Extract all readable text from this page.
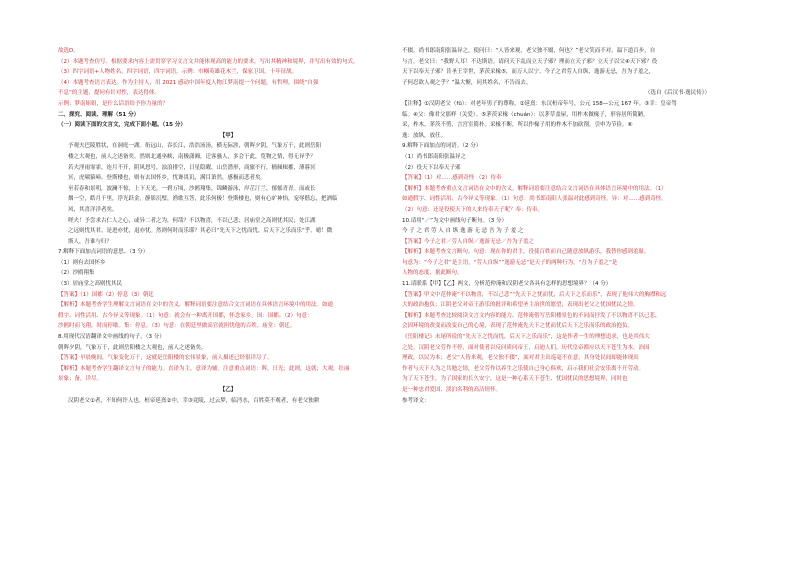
故选D。
（2）本题考查仿写。根据要求内容上需贯穿学习文言文并能体现高的能力的要求，写出其精神和境界，并写出有效的句式。
（3）四字词语+人物姓名，四字词语，四字词语。示例：巾帼英雄花木兰，保家卫国，十年征战。
（4）本题考查语言表达。作为主持人，用 2021 感动中国年度人物江梦南提一个问题，有哲理，围绕“自强
不息”的主题，提问有针对性，表达得体。
示例：梦南姐姐，是什么话语给予你力量的？
二、探究、阅读、理解（51 分）
（一）阅读下面的文言文，完成下面小题。（15 分）
【甲】
予观夫巴陵胜状，在洞庭一湖。衔远山，吞长江，浩浩汤汤，横无际涯，朝晖夕阴，气象万千，此则岳阳
楼之大观也，前人之述备矣。然则北通巫峡，南极潇湘，迁客骚人，多会于此，览物之情，得无异乎？
若夫淫雨霏霏，连月不开，阴风怒号，浊浪排空，日星隐曜，山岳潜形，商旅不行，樯倾楫摧，薄暮冥
冥，虎啸猿啼。登斯楼也，则有去国怀乡，忧谗畏讥，满目萧然，感极而悲者矣。
至若春和景明，波澜不惊，上下天光，一碧万顷，沙鸥翔集，锦鳞游泳，岸芷汀兰，郁郁青青。而或长
烟一空，皓月千里，浮光跃金，静影沉璧，渔歌互答，此乐何极！登斯楼也，则有心旷神怡，宠辱偕忘，把酒临
风，其喜洋洋者矣。
嗟夫！予尝求古仁人之心，或异二者之为，何哉？不以物喜，不以己悲；居庙堂之高则忧其民；处江湖
之远则忧其君。是进亦忧，退亦忧。然则何时而乐耶？其必曰“先天下之忧而忧，后天下之乐而乐”乎。噫！微
斯人，吾谁与归？
7.解释下面加点词语的意思。（3 分）
（1）则有去国怀乡
（2）沙鸥翔集
（3）居庙堂之高则忧其民
【答案】（1）国都（2）停息（3）朝廷
【解析】本题考查学生理解文言词语在文中的含义。解释词语要注意结合文言词语在具体语言环境中的用法。如通
假字、词性活用、古今异义等现象。（1）句意：就会有一种离开国都，怀念家乡。国：国都。（2）句意：
沙鸥时而飞翔，时而停歇。集：停息。（3）句意：在朝廷里做高官就担忧他的百姓。庙堂：朝廷。
8.用现代汉语翻译文中画线的句子。（3 分）
朝晖夕阴，气象万千，此则岳阳楼之大观也，前人之述备矣。
【答案】早晨晚间，气象变化万千，这就是岳阳楼的宏伟景象，前人描述已经很详尽了。
【解析】本题考查学生翻译文言句子的能力。直译为主，意译为辅。注意重点词语：晖，日光；此则，这就；大观，壮丽
景象；备，详尽。
【乙】
汉阴老父①者，不知何许人也。桓帝延熹②中，幸③竟陵，过云梦，临沔水，百姓莫不观者，有老父独耕
不辍。尚书郎南阳张温异之，使问曰：“人皆来观，老父独不辍，何也？”老父笑而不对。温下道百步，自
与言。老父曰：“我野人耳！不达斯语。请问天下乱而立天子邪？理而立天子邪？立天子以父④天下邪？役
天下以奉天子邪？昔圣王宰世，茅茨采椽⑤，而万人以宁。今子之君劳人自纵，逸游无忌，吾为子羞之，
子何忍欲人观之乎？”温大惭，问其姓名，不告而去。
（选自《后汉书·逸民传》）
【注释】①汉阴老父（fǔ）：对老年男子的尊称。②延熹：东汉桓帝年号，公元 158—公元 167 年。③幸：皇帝驾
临。④父：像君父那样（关爱）。⑤茅茨采椽（chuán）：以茅草盖屋，用柞木做椽子，形容居所简陋。
采，柞木。茅茨不剪，言宫室简朴。采椽不断，所以作椽子用的柞木不加砍削。引申为节俭。⑥
逸：放纵，放任。
9.解释下面加点的词语。（2 分）
（1）尚书郎南阳张温异之
（2）役天下以奉天子邪
【答案】（1）对……感到奇怪 （2）侍奉
【解析】本题考查重点文言词语在文中的含义。解释词语要注意结合文言词语在具体语言环境中的用法。（1）
如通假字、词性活用、古今异义等现象。（1）句意：尚书郎南阳人张温对此感到奇怪。异：对……感到奇怪。
（2）句意：还是役使天下的人来侍奉天子呢？奉：侍奉。
10.请用“／”为文中画线句子断句。（3 分）
今 子 之 君 劳 人 自 纵 逸 游 无 忌 吾 为 子 羞 之
【答案】今子之君／劳人自纵／逸游无忌／吾为子羞之
【解析】本题考查文言断句。句意：现在你的君主，役使百姓而自己随意放纵游乐，我替你感到羞耻。
句意为：“今子之君”是主语，“劳人自纵”“逸游无忌”是天子的两种行为，“吾为子羞之”是
人物的态度，据此断句。
11.请联系【甲】【乙】两文，分析范仲淹和汉阴老父各具有怎样的思想境界？（4 分）
【答案】甲文中范仲淹“不以物喜，不以己悲”“先天下之忧而忧，后天下之乐而乐”，表现了他伟大的胸襟和远
大的政治抱负；江阴老父对帝王游乐的批评和希望圣主治世的愿望，表现出老父之忧国忧民之情。
【解析】本题考查比较阅读文言文内容的能力。范仲淹借写岳阳楼景色的不同而抒发了不以物喜不以己悲，
会因环境的改变而改变自己的心境，表现了范仲淹先天下之忧而忧后天下之乐而乐的政治抱负。
《岳阳楼记》末尾所说的“先天下之忧而忧，后天下之乐而乐”，这是作者一生的理想追求，也是其伟大
之处。汉阴老父劳作不停，面对使者以反问质问帝王，启迪人们，历代皇帝都应以天下苍生为本，治国
理政，以民为本；老父“人皆来观，老父独不辍”，面对君主出巡毫不在意，其身处民间却能体现出
作者与天下人为之共勉之情，老父劳作以养生之乐使自己身心俱欢，启示我们社会安乐离不开劳动。
为了天下苍生，为了国家的长久安宁，这是一种心系天下苍生、忧国忧民的思想境界，同时也
是一种忠君爱国、淡泊名利的高洁情怀。
参考译文：
